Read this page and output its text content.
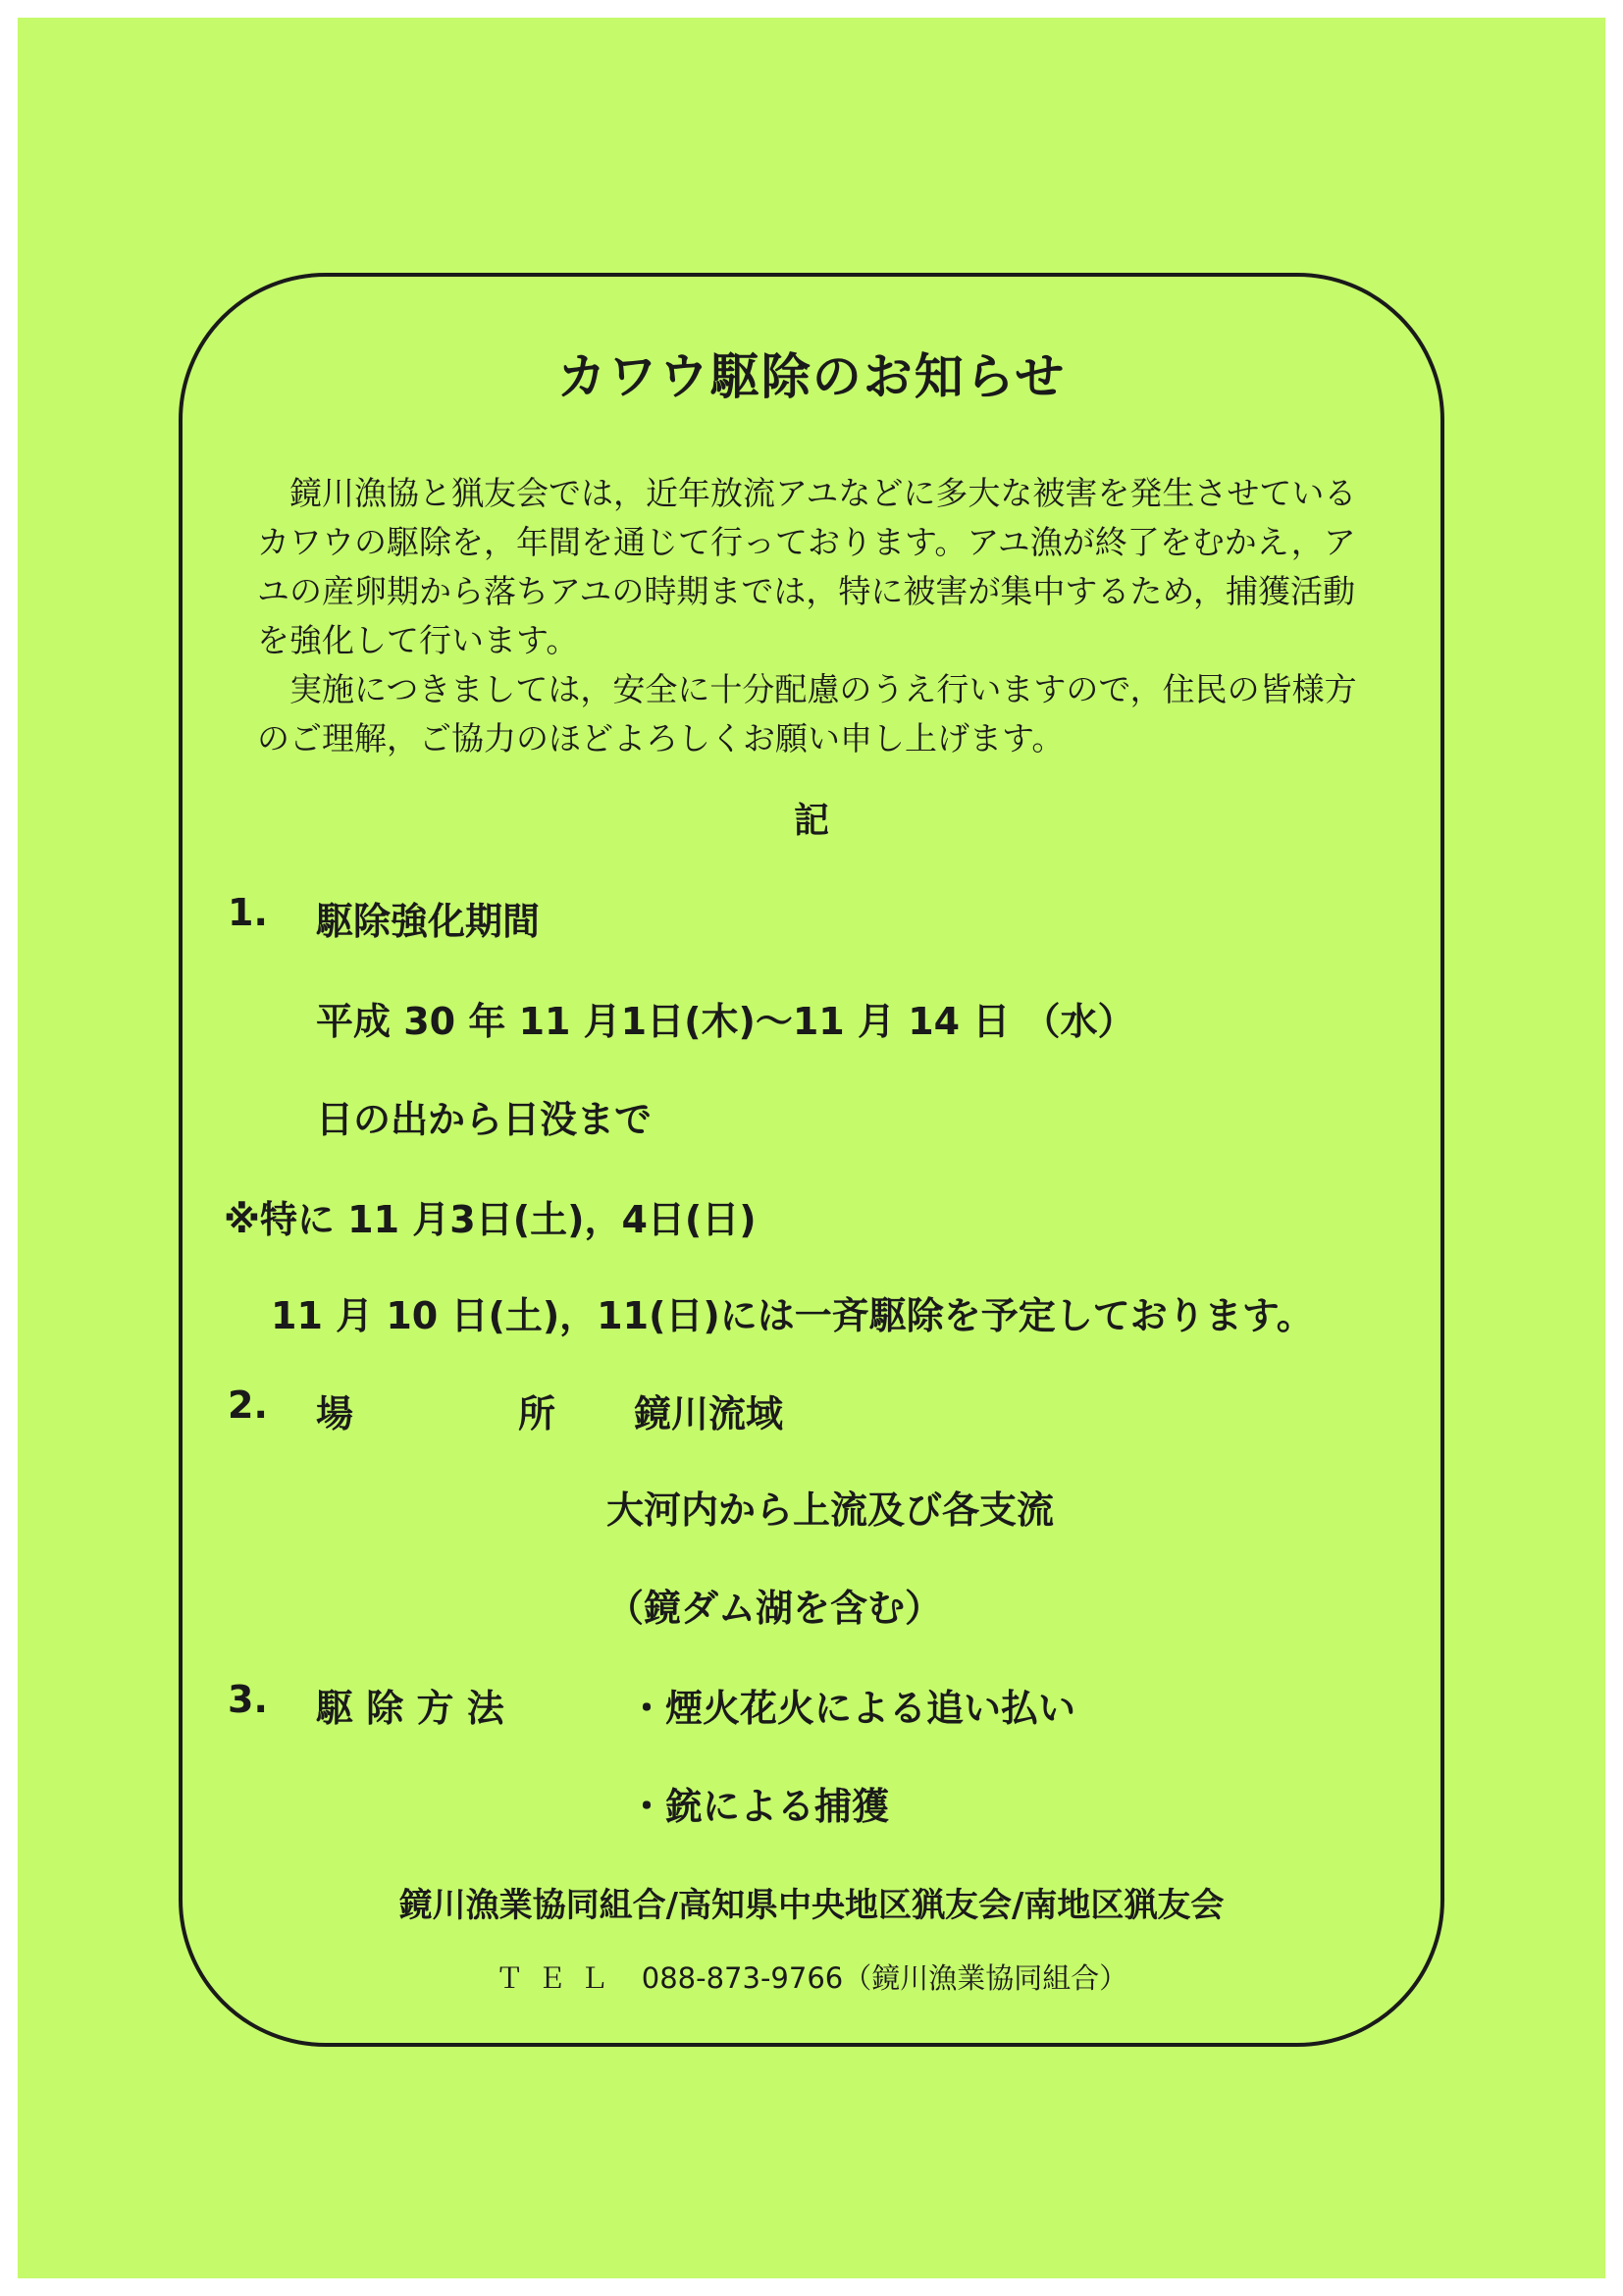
カワウ駆除のお知らせ

鏡川漁協と猟友会では，近年放流アユなどに多大な被害を発生させているカワウの駆除を，年間を通じて行っております。アユ漁が終了をむかえ，アユの産卵期から落ちアユの時期までは，特に被害が集中するため，捕獲活動を強化して行います。

実施につきましては，安全に十分配慮のうえ行いますので，住民の皆様方のご理解，ご協力のほどよろしくお願い申し上げます。

記
1. 駆除強化期間
平成 30 年 11 月1日(木)～11 月 14 日 （水）
日の出から日没まで
※特に 11 月3日(土)，4日(日)
11 月 10 日(土)，11(日)には一斉駆除を予定しております。
2. 場	所 鏡川流域
大河内から上流及び各支流
（鏡ダム湖を含む）
3. 駆 除 方 法	・煙火花火による追い払い
・銃による捕獲
鏡川漁業協同組合/高知県中央地区猟友会/南地区猟友会
ＴＥＬ 088-873-9766（鏡川漁業協同組合）
